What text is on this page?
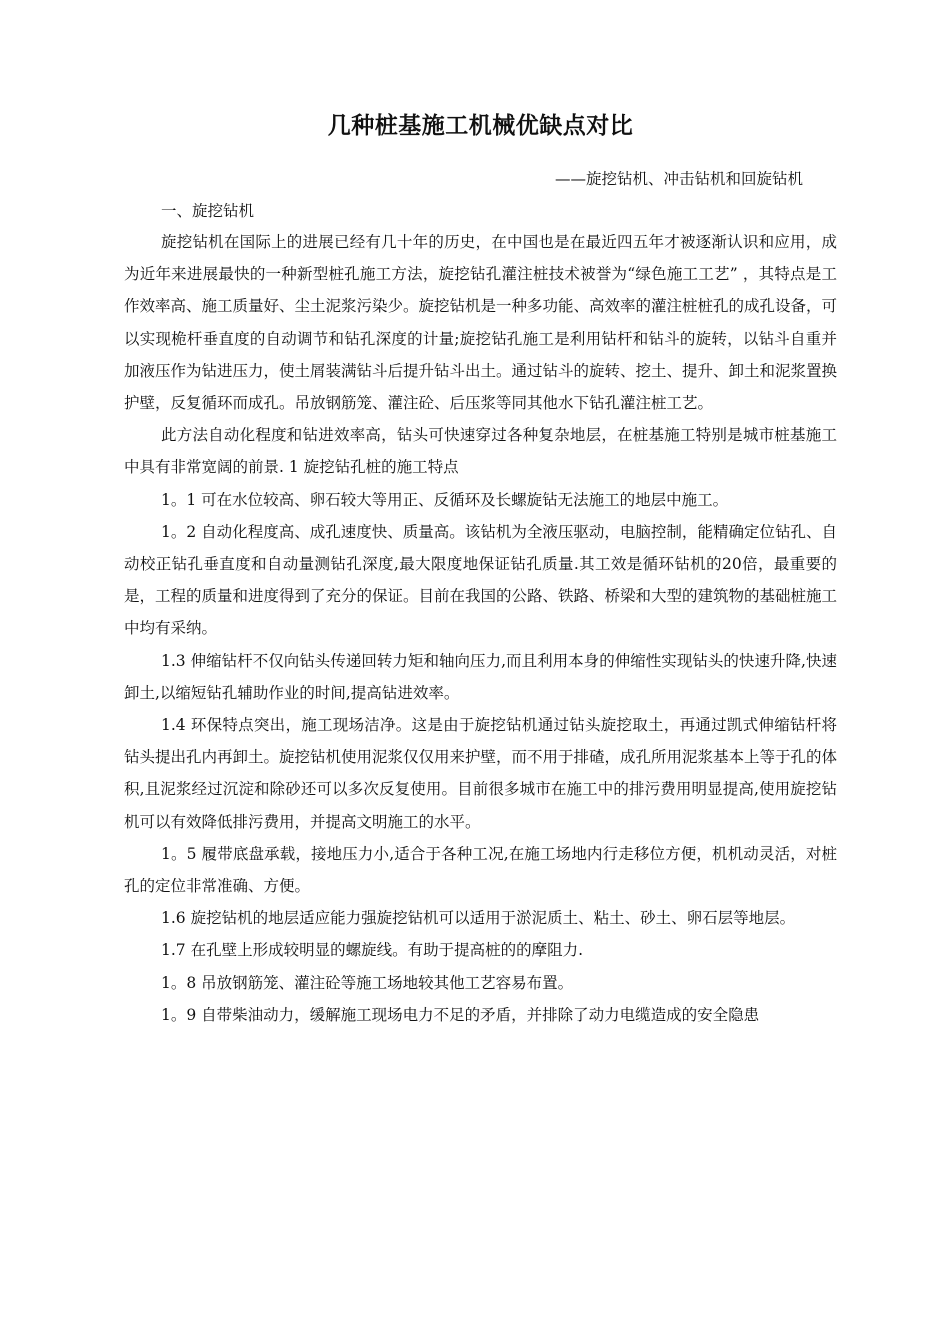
几种桩基施工机械优缺点对比

——旋挖钻机、冲击钻机和回旋钻机

一、旋挖钻机

旋挖钻机在国际上的进展已经有几十年的历史，在中国也是在最近四五年才被逐渐认识和应用，成为近年来进展最快的一种新型桩孔施工方法，旋挖钻孔灌注桩技术被誉为“绿色施工工艺” ，其特点是工作效率高、施工质量好、尘土泥浆污染少。旋挖钻机是一种多功能、高效率的灌注桩桩孔的成孔设备，可以实现桅杆垂直度的自动调节和钻孔深度的计量;旋挖钻孔施工是利用钻杆和钻斗的旋转，以钻斗自重并加液压作为钻进压力，使土屑装满钻斗后提升钻斗出土。通过钻斗的旋转、挖土、提升、卸土和泥浆置换护壁，反复循环而成孔。吊放钢筋笼、灌注砼、后压浆等同其他水下钻孔灌注桩工艺。

此方法自动化程度和钻进效率高，钻头可快速穿过各种复杂地层，在桩基施工特别是城市桩基施工中具有非常宽阔的前景. 1 旋挖钻孔桩的施工特点

1。1 可在水位较高、卵石较大等用正、反循环及长螺旋钻无法施工的地层中施工。

1。2 自动化程度高、成孔速度快、质量高。该钻机为全液压驱动，电脑控制，能精确定位钻孔、自动校正钻孔垂直度和自动量测钻孔深度,最大限度地保证钻孔质量.其工效是循环钻机的20倍，最重要的是，工程的质量和进度得到了充分的保证。目前在我国的公路、铁路、桥梁和大型的建筑物的基础桩施工中均有采纳。

1.3 伸缩钻杆不仅向钻头传递回转力矩和轴向压力,而且利用本身的伸缩性实现钻头的快速升降,快速卸土,以缩短钻孔辅助作业的时间,提高钻进效率。

1.4 环保特点突出，施工现场洁净。这是由于旋挖钻机通过钻头旋挖取土，再通过凯式伸缩钻杆将钻头提出孔内再卸土。旋挖钻机使用泥浆仅仅用来护壁，而不用于排碴，成孔所用泥浆基本上等于孔的体积,且泥浆经过沉淀和除砂还可以多次反复使用。目前很多城市在施工中的排污费用明显提高,使用旋挖钻机可以有效降低排污费用，并提高文明施工的水平。

1。5 履带底盘承载，接地压力小,适合于各种工况,在施工场地内行走移位方便，机机动灵活，对桩孔的定位非常准确、方便。

1.6 旋挖钻机的地层适应能力强旋挖钻机可以适用于淤泥质土、粘土、砂土、卵石层等地层。

1.7 在孔壁上形成较明显的螺旋线。有助于提高桩的的摩阻力.

1。8 吊放钢筋笼、灌注砼等施工场地较其他工艺容易布置。

1。9 自带柴油动力，缓解施工现场电力不足的矛盾，并排除了动力电缆造成的安全隐患
